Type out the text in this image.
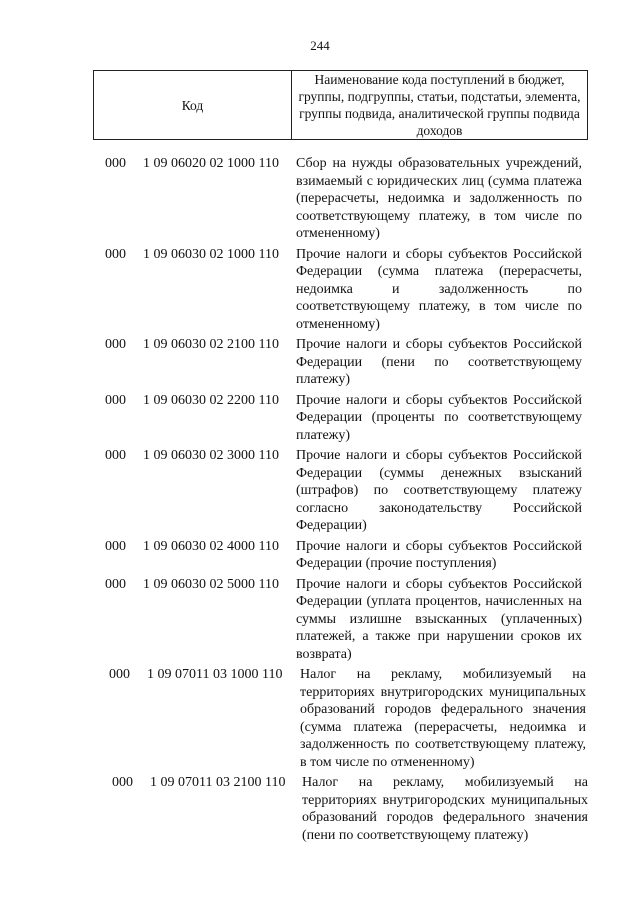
244
Код	Наименование кода поступлений в бюджет, группы, подгруппы, статьи, подстатьи, элемента, группы подвида, аналитической группы подвида доходов
000	1 09 06020 02 1000 110	Сбор на нужды образовательных учреждений, взимаемый с юридических лиц (сумма платежа (перерасчеты, недоимка и задолженность по соответствующему платежу, в том числе по отмененному)
000	1 09 06030 02 1000 110	Прочие налоги и сборы субъектов Российской Федерации (сумма платежа (перерасчеты, недоимка и задолженность по соответствующему платежу, в том числе по отмененному)
000	1 09 06030 02 2100 110	Прочие налоги и сборы субъектов Российской Федерации (пени по соответствующему платежу)
000	1 09 06030 02 2200 110	Прочие налоги и сборы субъектов Российской Федерации (проценты по соответствующему платежу)
000	1 09 06030 02 3000 110	Прочие налоги и сборы субъектов Российской Федерации (суммы денежных взысканий (штрафов) по соответствующему платежу согласно законодательству Российской Федерации)
000	1 09 06030 02 4000 110	Прочие налоги и сборы субъектов Российской Федерации (прочие поступления)
000	1 09 06030 02 5000 110	Прочие налоги и сборы субъектов Российской Федерации (уплата процентов, начисленных на суммы излишне взысканных (уплаченных) платежей, а также при нарушении сроков их возврата)
000	1 09 07011 03 1000 110	Налог на рекламу, мобилизуемый на территориях внутригородских муниципальных образований городов федерального значения (сумма платежа (перерасчеты, недоимка и задолженность по соответствующему платежу, в том числе по отмененному)
000	1 09 07011 03 2100 110	Налог на рекламу, мобилизуемый на территориях внутригородских муниципальных образований городов федерального значения (пени по соответствующему платежу)
